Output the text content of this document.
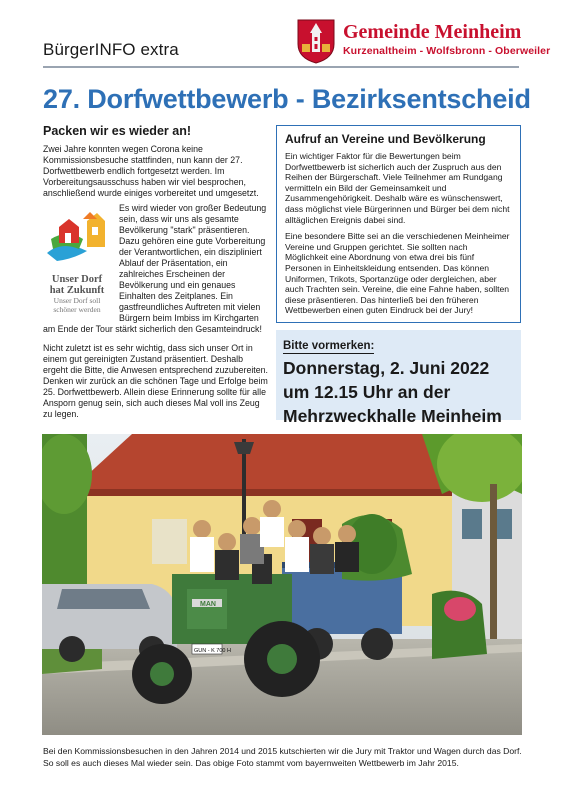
BürgerINFO extra
Gemeinde Meinheim
Kurzenaltheim - Wolfsbronn - Oberweiler
27. Dorfwettbewerb - Bezirksentscheid
Packen wir es wieder an!

Zwei Jahre konnten wegen Corona keine Kommissionsbesuche stattfinden, nun kann der 27. Dorfwettbewerb endlich fortgesetzt werden. Im Vorbereitungsausschuss haben wir viel besprochen, anschließend wurde einiges vorbereitet und umgesetzt.

Unser Dorf
hat Zukunft
Unser Dorf soll
schöner werden

Es wird wieder von großer Bedeutung sein, dass wir uns als gesamte Bevölkerung "stark" präsentieren. Dazu gehören eine gute Vorbereitung der Verantwortlichen, ein diszipliniert Ablauf der Präsentation, ein zahlreiches Erscheinen der Bevölkerung und ein genaues Einhalten des Zeitplanes. Ein gastfreundliches Auftreten mit vielen Bürgern beim Imbiss im Kirchgarten am Ende der Tour stärkt sicherlich den Gesamteindruck!

Nicht zuletzt ist es sehr wichtig, dass sich unser Ort in einem gut gereinigten Zustand präsentiert. Deshalb ergeht die Bitte, die Anwesen entsprechend zuzubereiten. Denken wir zurück an die schönen Tage und Erfolge beim 25. Dorfwettbewerb. Allein diese Erinnerung sollte für alle Ansporn genug sein, sich auch dieses Mal voll ins Zeug zu legen.

Aufruf an Vereine und Bevölkerung

Ein wichtiger Faktor für die Bewertungen beim Dorfwettbewerb ist sicherlich auch der Zuspruch aus den Reihen der Bürgerschaft. Viele Teilnehmer am Rundgang vermitteln ein Bild der Gemeinsamkeit und Zusammengehörigkeit. Deshalb wäre es wünschenswert, dass möglichst viele Bürgerinnen und Bürger bei dem nicht alltäglichen Ereignis dabei sind.

Eine besondere Bitte sei an die verschiedenen Meinheimer Vereine und Gruppen gerichtet. Sie sollten nach Möglichkeit eine Abordnung von etwa drei bis fünf Personen in Einheitskleidung entsenden. Das können Uniformen, Trikots, Sportanzüge oder dergleichen, aber auch Trachten sein. Vereine, die eine Fahne haben, sollten diese präsentieren. Das hinterließ bei den früheren Wettbewerben einen guten Eindruck bei der Jury!

Bitte vormerken:
Donnerstag, 2. Juni 2022
um 12.15 Uhr an der
Mehrzweckhalle Meinheim
MAN
GUN - K 700 H
Bei den Kommissionsbesuchen in den Jahren 2014 und 2015 kutschierten wir die Jury mit Traktor und Wagen durch das Dorf. So soll es auch dieses Mal wieder sein. Das obige Foto stammt vom bayernweiten Wettbewerb im Jahr 2015.
